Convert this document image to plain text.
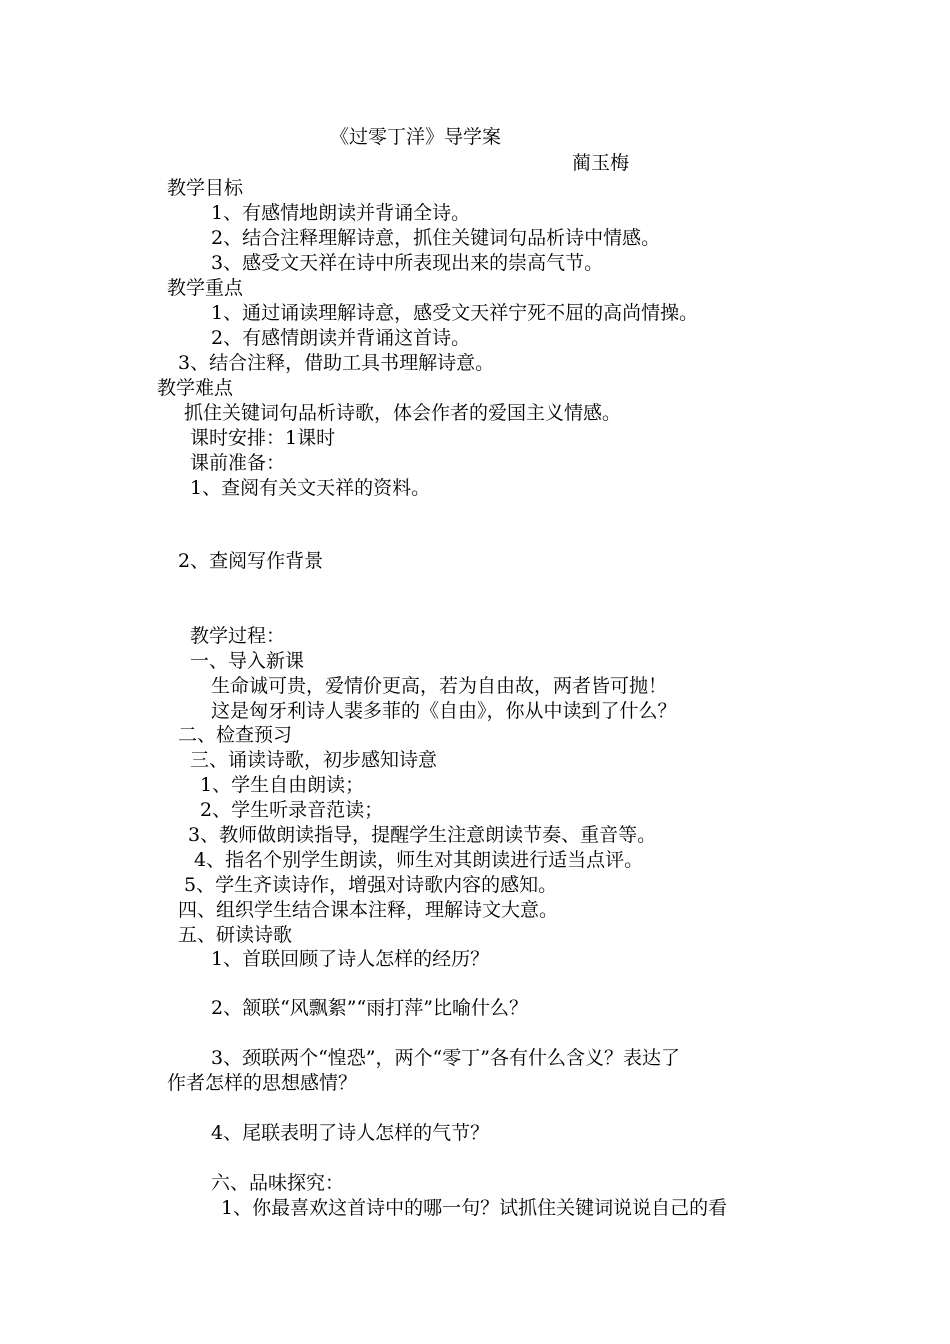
《过零丁洋》导学案
蔺玉梅
教学目标
1、有感情地朗读并背诵全诗。
2、结合注释理解诗意，抓住关键词句品析诗中情感。
3、感受文天祥在诗中所表现出来的崇高气节。
教学重点
1、通过诵读理解诗意，感受文天祥宁死不屈的高尚情操。
2、有感情朗读并背诵这首诗。
3、结合注释，借助工具书理解诗意。
教学难点
抓住关键词句品析诗歌，体会作者的爱国主义情感。
课时安排：1课时
课前准备：
1、查阅有关文天祥的资料。
2、查阅写作背景
教学过程：
一、导入新课
生命诚可贵，爱情价更高，若为自由故，两者皆可抛！
这是匈牙利诗人裴多菲的《自由》，你从中读到了什么？
二、检查预习
三、诵读诗歌，初步感知诗意
1、学生自由朗读；
2、学生听录音范读；
3、教师做朗读指导，提醒学生注意朗读节奏、重音等。
4、指名个别学生朗读，师生对其朗读进行适当点评。
5、学生齐读诗作，增强对诗歌内容的感知。
四、组织学生结合课本注释，理解诗文大意。
五、研读诗歌
1、首联回顾了诗人怎样的经历？
2、颔联“风飘絮”“雨打萍”比喻什么？
3、颈联两个“惶恐”，两个“零丁”各有什么含义？表达了
作者怎样的思想感情？
4、尾联表明了诗人怎样的气节？
六、品味探究：
1、你最喜欢这首诗中的哪一句？试抓住关键词说说自己的看
